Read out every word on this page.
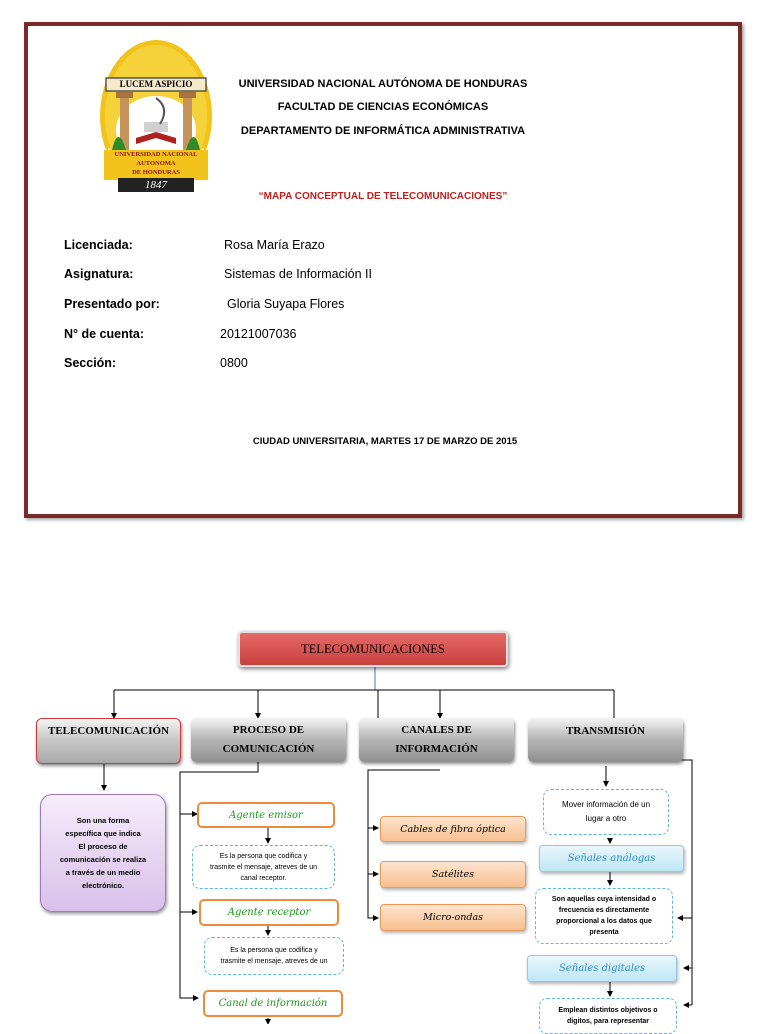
LUCEM ASPICIO
UNIVERSIDAD NACIONAL
AUTONOMA
DE HONDURAS
1847
UNIVERSIDAD NACIONAL AUTÓNOMA DE HONDURAS
FACULTAD DE CIENCIAS ECONÓMICAS
DEPARTAMENTO DE INFORMÁTICA ADMINISTRATIVA
“MAPA CONCEPTUAL DE TELECOMUNICACIONES”
Licenciada:	Rosa María Erazo
Asignatura:	Sistemas de Información II
Presentado por:	Gloria Suyapa Flores
N° de cuenta:	20121007036
Sección:	0800
CIUDAD UNIVERSITARIA, MARTES 17 DE MARZO DE 2015
TELECOMUNICACIONES
TELECOMUNICACIÓN	PROCESO DE
COMUNICACIÓN
CANALES DE
INFORMACIÓN
TRANSMISIÓN
Son una forma
específica que indica
El proceso de
comunicación se realiza
a través de un medio
electrónico.
Agente emisor
Es la persona que codifica y
trasmite el mensaje, atreves de un
canal receptor.
Agente receptor
Es la persona que codifica y
trasmite el mensaje, atreves de un
Canal de información
Cables de fibra óptica
Satélites
Micro-ondas
Mover información de un
lugar a otro
Señales análogas
Son aquellas cuya intensidad o
frecuencia es directamente
proporcional a los datos que
presenta
Señales digitales
Emplean distintos objetivos o
dígitos, para representar
